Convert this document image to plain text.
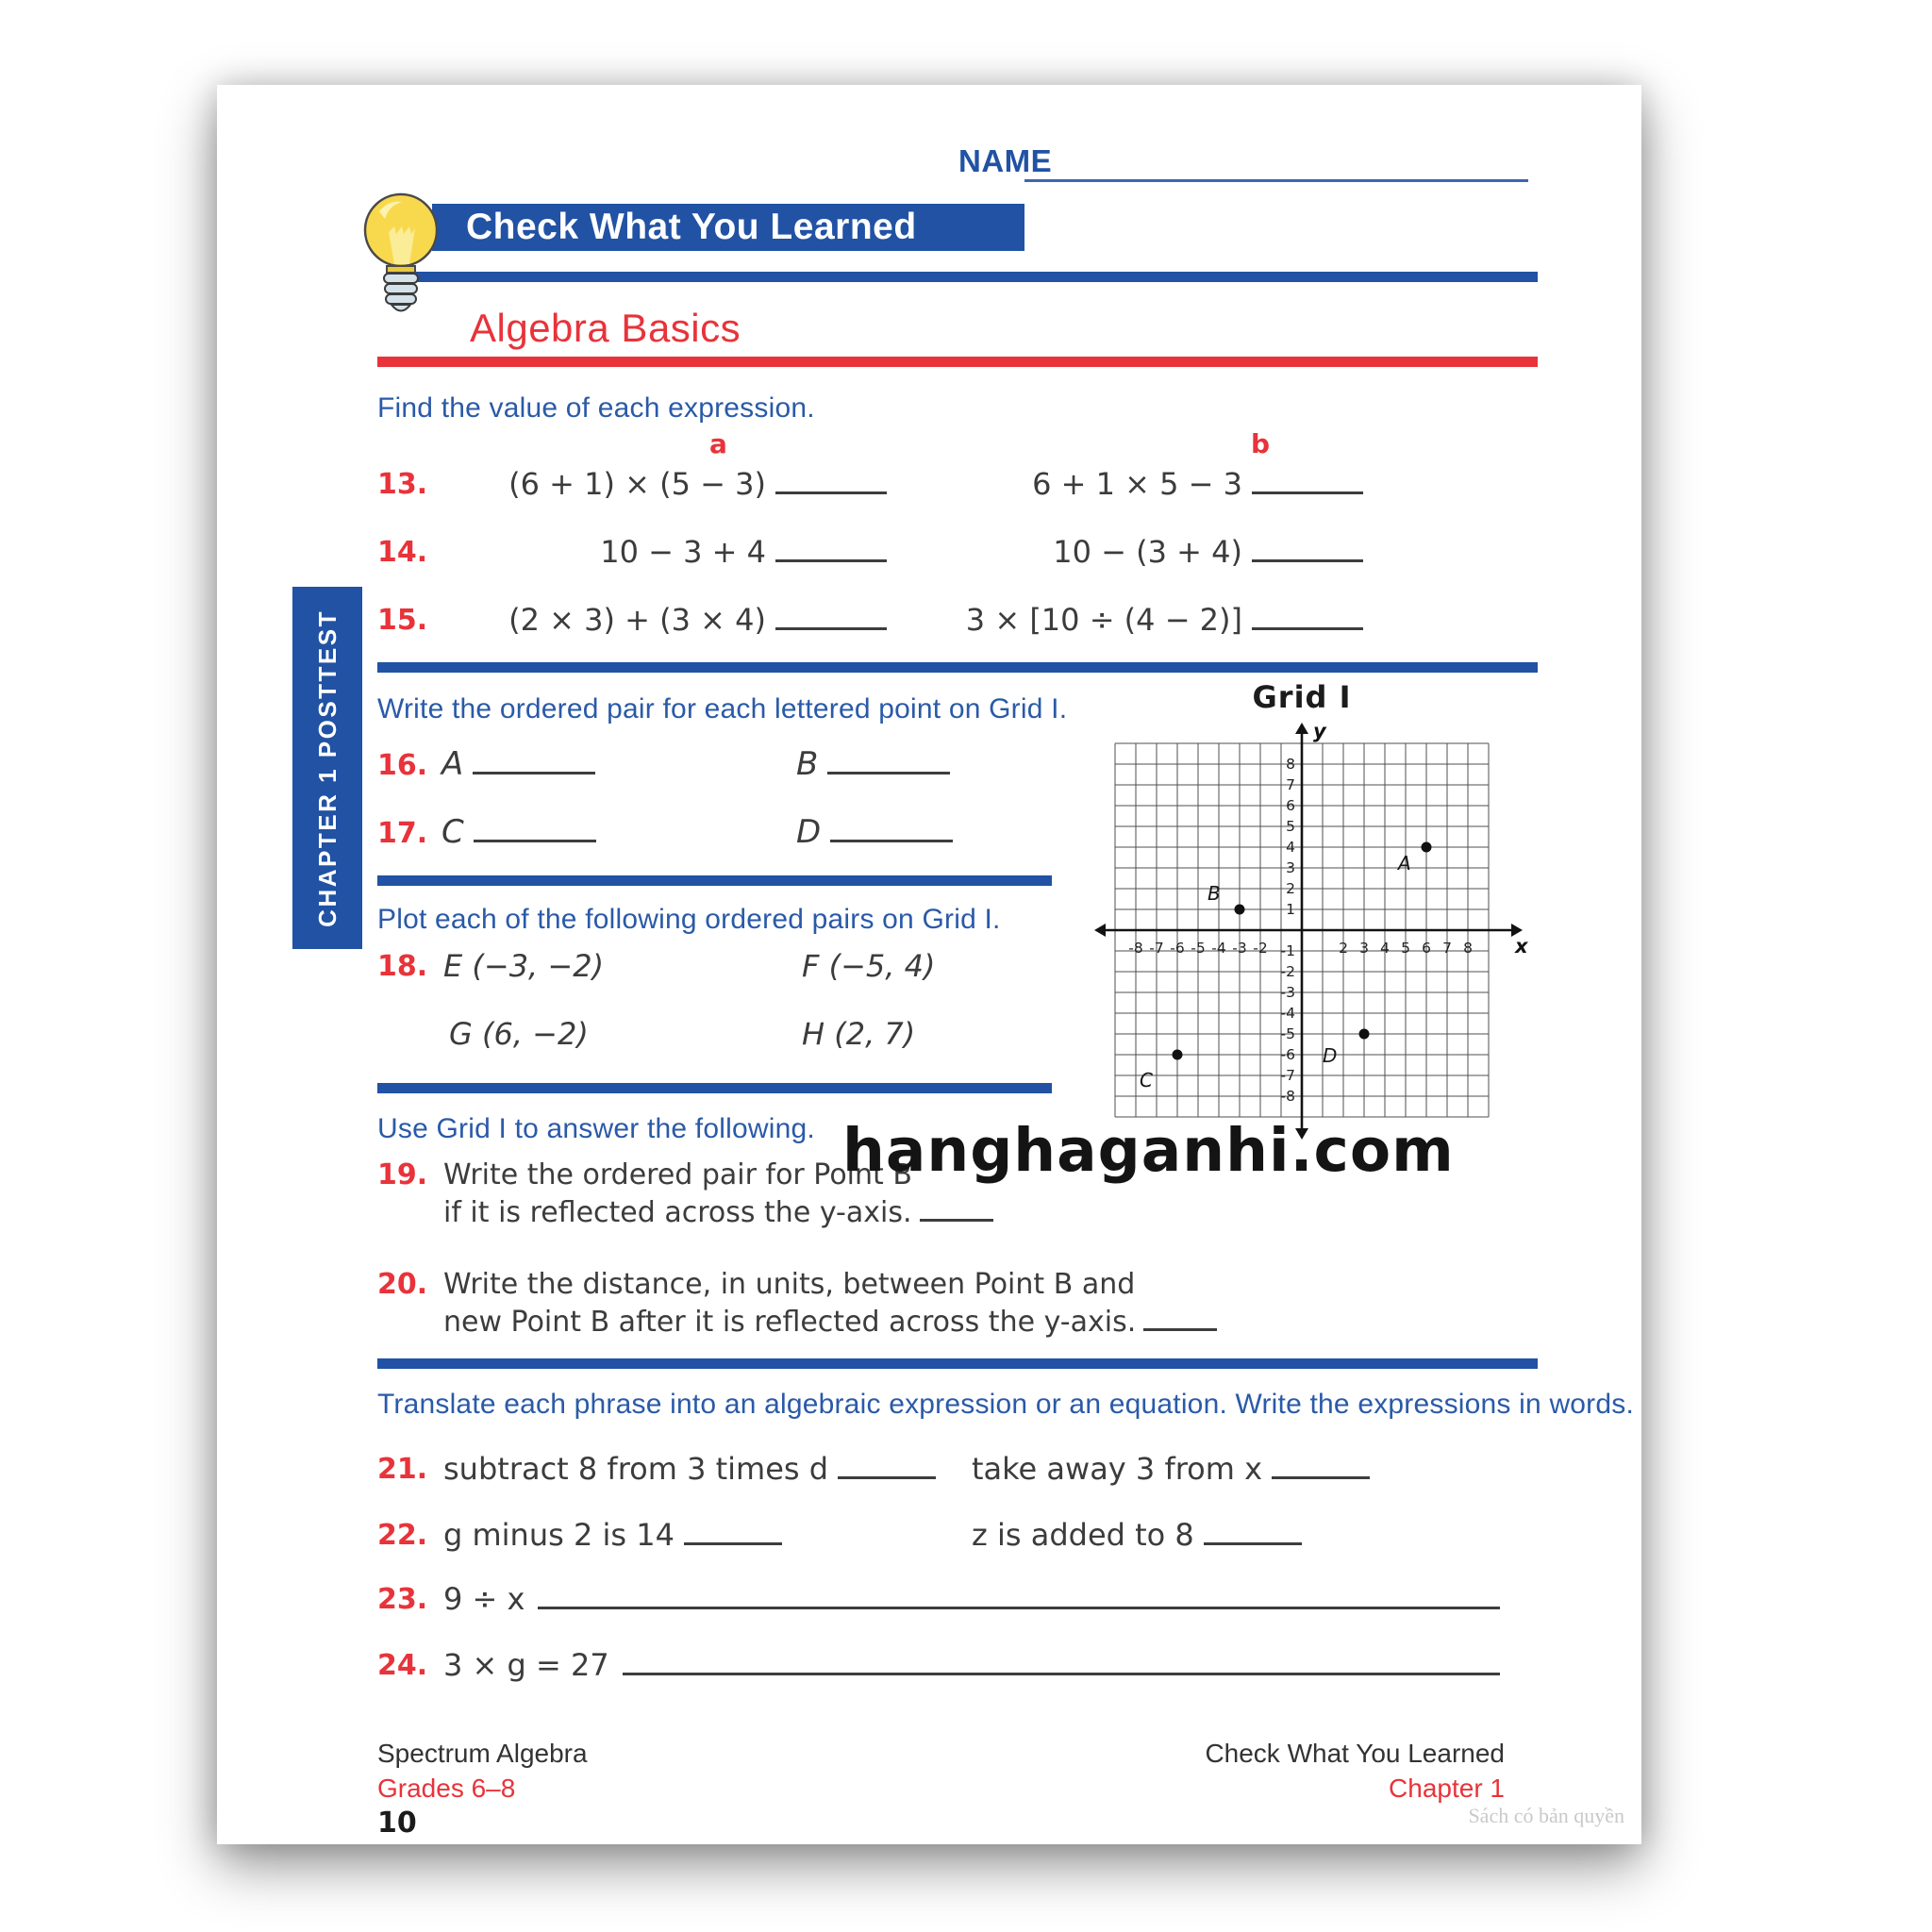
NAME
Check What You Learned
Algebra Basics
CHAPTER 1 POSTTEST
Find the value of each expression.
a	b
13.	(6 + 1) × (5 − 3)	6 + 1 × 5 − 3
14.	10 − 3 + 4	10 − (3 + 4)
15.	(2 × 3) + (3 × 4)	3 × [10 ÷ (4 − 2)]
Write the ordered pair for each lettered point on Grid I.	Grid I
y
x
-8 -7 -6 -5 -4 -3 -2	2 3 4 5 6 7 8
8
7
6
5
4
3
2
1
-1
-2
-3
-4
-5
-6
-7
-8
A
B
C
D
16. A	B
17. C	D
Plot each of the following ordered pairs on Grid I.
18. E (−3, −2)	F (−5, 4)
G (6, −2)	H (2, 7)
Use Grid I to answer the following.
19. Write the ordered pair for Point B
if it is reflected across the y-axis.
20. Write the distance, in units, between Point B and
new Point B after it is reflected across the y-axis.
hanghaganhi.com
Translate each phrase into an algebraic expression or an equation. Write the expressions in words.
21. subtract 8 from 3 times d	take away 3 from x
22. g minus 2 is 14	z is added to 8
23. 9 ÷ x
24. 3 × g = 27
Spectrum Algebra
Grades 6–8
10
Check What You Learned
Chapter 1
Sách có bản quyền
